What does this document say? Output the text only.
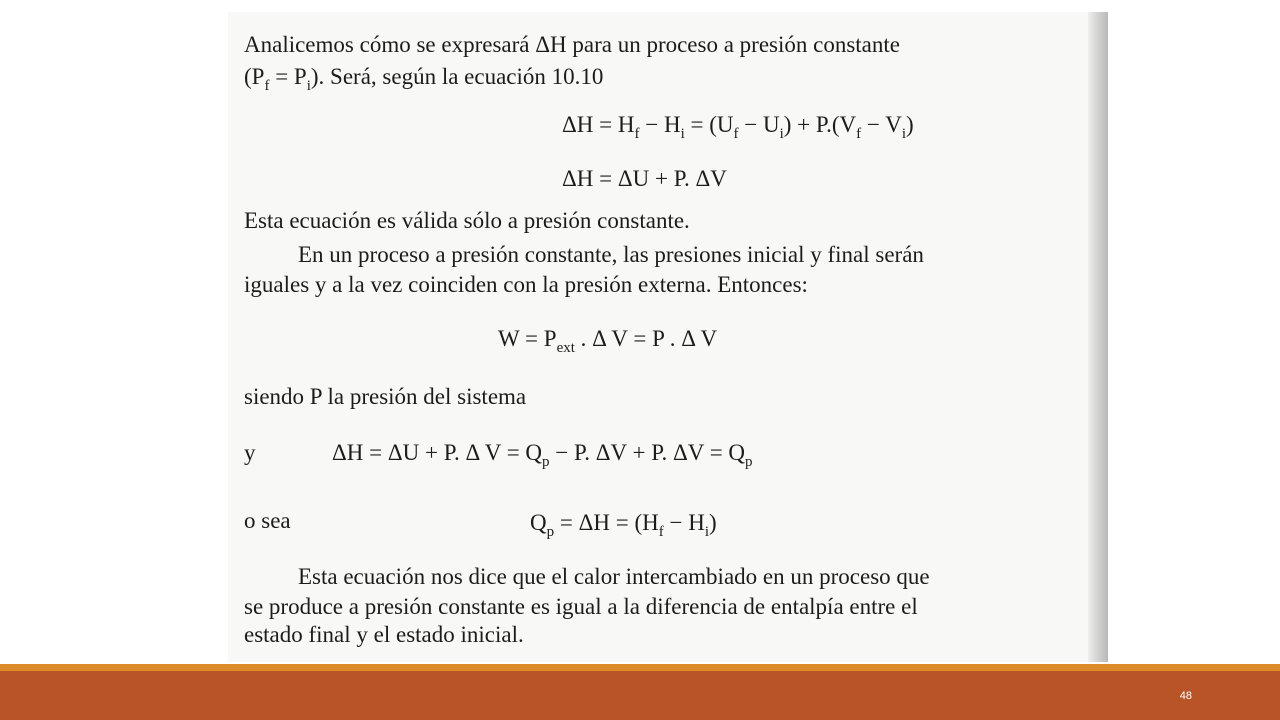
Analicemos cómo se expresará ΔH para un proceso a presión constante
$(P_f = P_i)$. Será, según la ecuación 10.10
$\Delta H = H_f - H_i = (U_f - U_i) + P.(V_f - V_i)$
ΔH = ΔU + P. ΔV
Esta ecuación es válida sólo a presión constante.
En un proceso a presión constante, las presiones inicial y final serán
iguales y a la vez coinciden con la presión externa. Entonces:
$W = P_{ext}$ . Δ V = P . Δ V
siendo P la presión del sistema
y	ΔH = ΔU + P. Δ $V = Q_p - P$. ΔV + P. $\Delta V = Q_p$
o sea	$Q_p = \Delta H = (H_f - H_i)$
Esta ecuación nos dice que el calor intercambiado en un proceso que
se produce a presión constante es igual a la diferencia de entalpía entre el
estado final y el estado inicial.
48
